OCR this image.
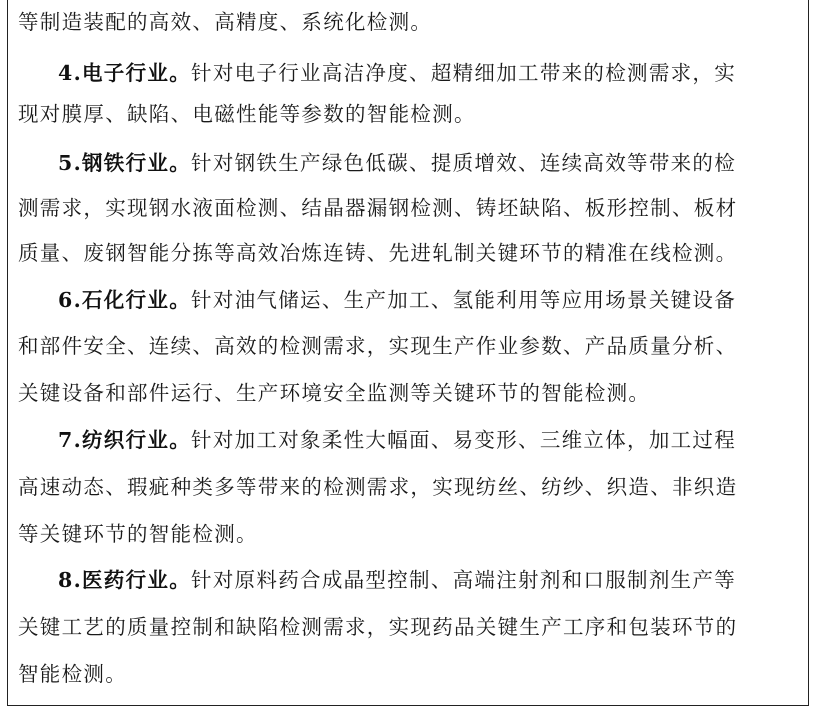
等制造装配的高效、高精度、系统化检测。
4.电子行业。针对电子行业高洁净度、超精细加工带来的检测需求，实
现对膜厚、缺陷、电磁性能等参数的智能检测。
5.钢铁行业。针对钢铁生产绿色低碳、提质增效、连续高效等带来的检
测需求，实现钢水液面检测、结晶器漏钢检测、铸坯缺陷、板形控制、板材
质量、废钢智能分拣等高效冶炼连铸、先进轧制关键环节的精准在线检测。
6.石化行业。针对油气储运、生产加工、氢能利用等应用场景关键设备
和部件安全、连续、高效的检测需求，实现生产作业参数、产品质量分析、
关键设备和部件运行、生产环境安全监测等关键环节的智能检测。
7.纺织行业。针对加工对象柔性大幅面、易变形、三维立体，加工过程
高速动态、瑕疵种类多等带来的检测需求，实现纺丝、纺纱、织造、非织造
等关键环节的智能检测。
8.医药行业。针对原料药合成晶型控制、高端注射剂和口服制剂生产等
关键工艺的质量控制和缺陷检测需求，实现药品关键生产工序和包装环节的
智能检测。
